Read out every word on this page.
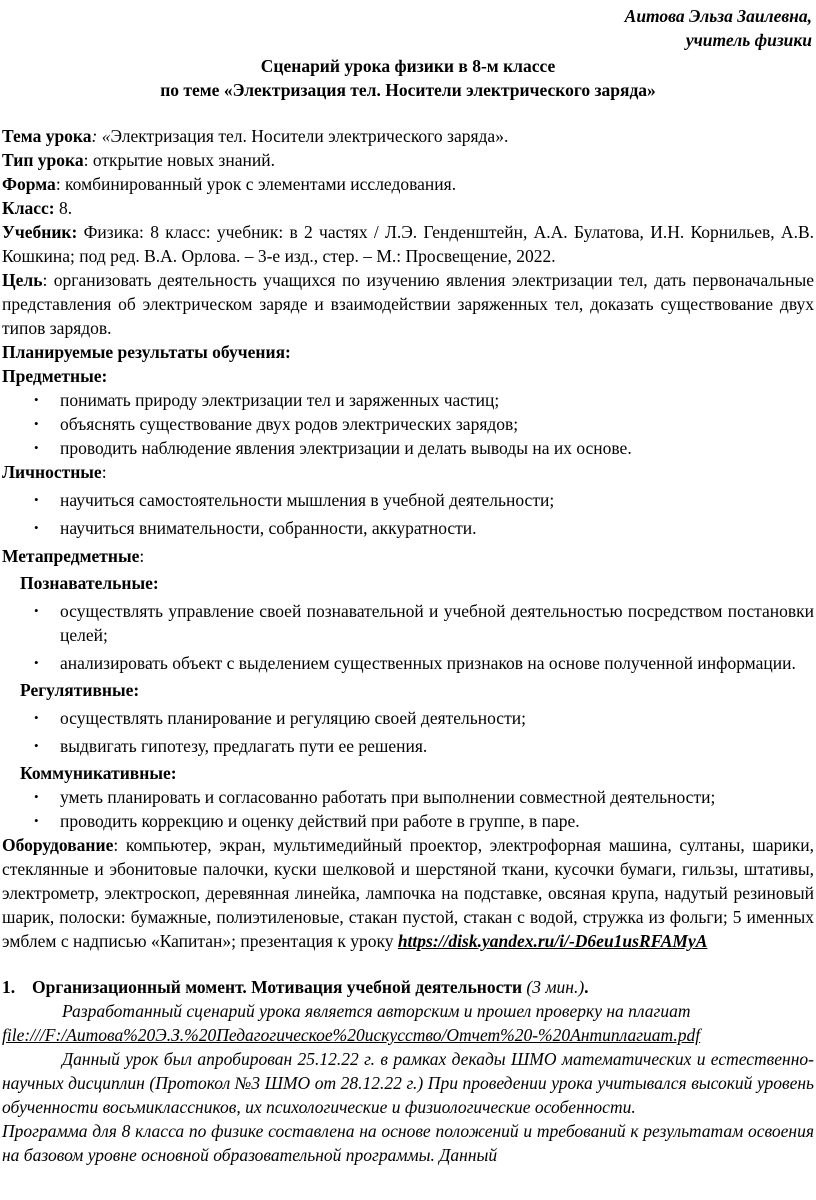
Аитова Эльза Заилевна,
учитель физики
Сценарий урока физики в 8-м классе
по теме «Электризация тел. Носители электрического заряда»

Тема урока: «Электризация тел. Носители электрического заряда».

Тип урока: открытие новых знаний.

Форма: комбинированный урок с элементами исследования.

Класс: 8.

Учебник: Физика: 8 класс: учебник: в 2 частях / Л.Э. Генденштейн, А.А. Булатова, И.Н. Корнильев, А.В. Кошкина; под ред. В.А. Орлова. – 3-е изд., стер. – М.: Просвещение, 2022.

Цель: организовать деятельность учащихся по изучению явления электризации тел, дать первоначальные представления об электрическом заряде и взаимодействии заряженных тел, доказать существование двух типов зарядов.

Планируемые результаты обучения:

Предметные:

• понимать природу электризации тел и заряженных частиц;
• объяснять существование двух родов электрических зарядов;
• проводить наблюдение явления электризации и делать выводы на их основе.

Личностные:

• научиться самостоятельности мышления в учебной деятельности;
• научиться внимательности, собранности, аккуратности.

Метапредметные:

Познавательные:

• осуществлять управление своей познавательной и учебной деятельностью посредством постановки целей;
• анализировать объект с выделением существенных признаков на основе полученной информации.

Регулятивные:

• осуществлять планирование и регуляцию своей деятельности;
• выдвигать гипотезу, предлагать пути ее решения.

Коммуникативные:

• уметь планировать и согласованно работать при выполнении совместной деятельности;
• проводить коррекцию и оценку действий при работе в группе, в паре.

Оборудование: компьютер, экран, мультимедийный проектор, электрофорная машина, султаны, шарики, стеклянные и эбонитовые палочки, куски шелковой и шерстяной ткани, кусочки бумаги, гильзы, штативы, электрометр, электроскоп, деревянная линейка, лампочка на подставке, овсяная крупа, надутый резиновый шарик, полоски: бумажные, полиэтиленовые, стакан пустой, стакан с водой, стружка из фольги; 5 именных эмблем с надписью «Капитан»; презентация к уроку https://disk.yandex.ru/i/-D6eu1usRFAMyA

1. Организационный момент. Мотивация учебной деятельности (3 мин.).

Разработанный сценарий урока является авторским и прошел проверку на плагиат

file:///F:/Аитова%20Э.З.%20Педагогическое%20искусство/Отчет%20-%20Антиплагиат.pdf

Данный урок был апробирован 25.12.22 г. в рамках декады ШМО математических и естественно-научных дисциплин (Протокол №3 ШМО от 28.12.22 г.) При проведении урока учитывался высокий уровень обученности восьмиклассников, их психологические и физиологические особенности.

Программа для 8 класса по физике составлена на основе положений и требований к результатам освоения на базовом уровне основной образовательной программы. Данный
